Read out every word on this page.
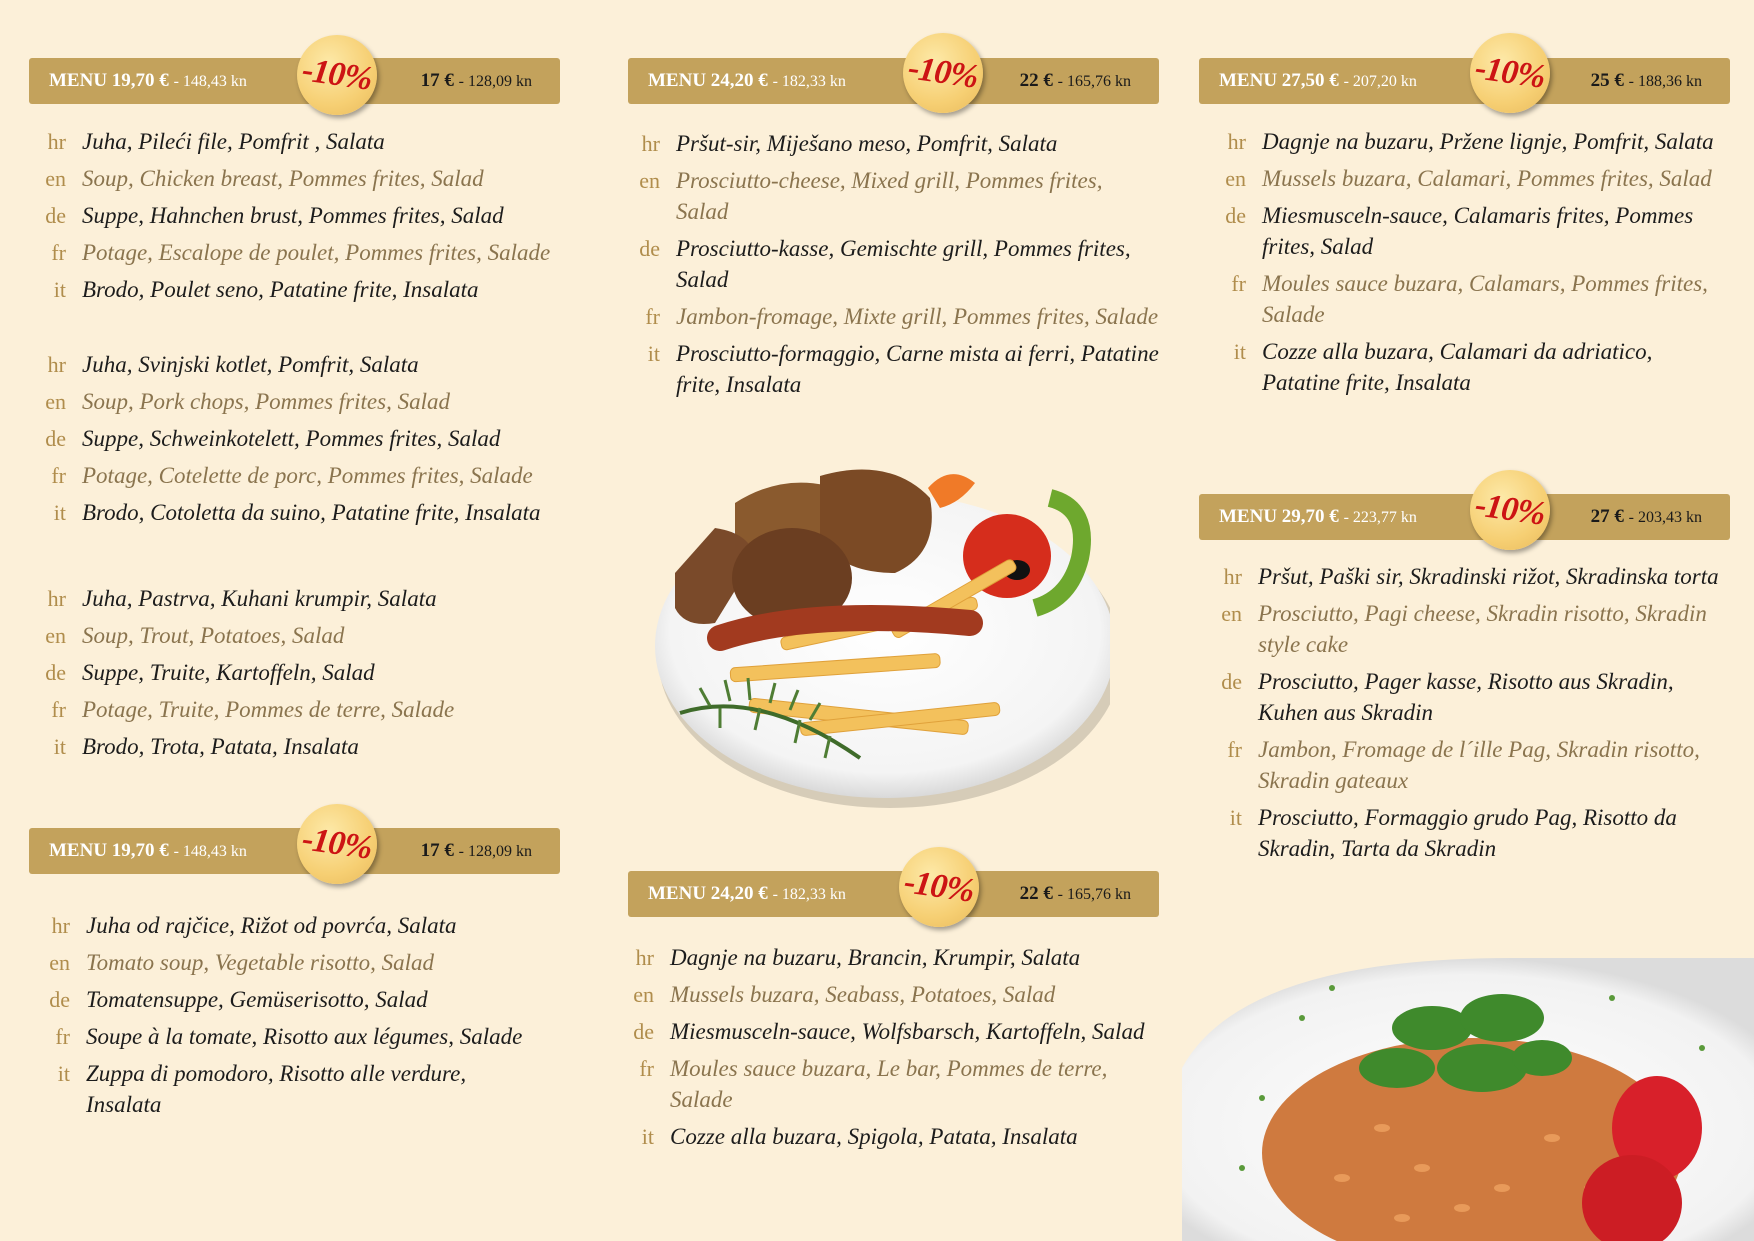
MENU 19,70 € - 148,43 kn	17 € - 128,09 kn
-10%
hr Juha, Pileći file, Pomfrit , Salata
en Soup, Chicken breast, Pommes frites, Salad
de Suppe, Hahnchen brust, Pommes frites, Salad
fr Potage, Escalope de poulet, Pommes frites, Salade
it Brodo, Poulet seno, Patatine frite, Insalata
hr Juha, Svinjski kotlet, Pomfrit, Salata
en Soup, Pork chops, Pommes frites, Salad
de Suppe, Schweinkotelett, Pommes frites, Salad
fr Potage, Cotelette de porc, Pommes frites, Salade
it Brodo, Cotoletta da suino, Patatine frite, Insalata
hr Juha, Pastrva, Kuhani krumpir, Salata
en Soup, Trout, Potatoes, Salad
de Suppe, Truite, Kartoffeln, Salad
fr Potage, Truite, Pommes de terre, Salade
it Brodo, Trota, Patata, Insalata
MENU 19,70 € - 148,43 kn	17 € - 128,09 kn
-10%
hr Juha od rajčice, Rižot od povrća, Salata
en Tomato soup, Vegetable risotto, Salad
de Tomatensuppe, Gemüserisotto, Salad
fr Soupe à la tomate, Risotto aux légumes, Salade
it Zuppa di pomodoro, Risotto alle verdure, Insalata
MENU 24,20 € - 182,33 kn	22 € - 165,76 kn
-10%
hr Pršut-sir, Miješano meso, Pomfrit, Salata
en Prosciutto-cheese, Mixed grill, Pommes frites, Salad
de Prosciutto-kasse, Gemischte grill, Pommes frites, Salad
fr Jambon-fromage, Mixte grill, Pommes frites, Salade
it Prosciutto-formaggio, Carne mista ai ferri, Patatine frite, Insalata
MENU 24,20 € - 182,33 kn	22 € - 165,76 kn
-10%
hr Dagnje na buzaru, Brancin, Krumpir, Salata
en Mussels buzara, Seabass, Potatoes, Salad
de Miesmusceln-sauce, Wolfsbarsch, Kartoffeln, Salad
fr Moules sauce buzara, Le bar, Pommes de terre, Salade
it Cozze alla buzara, Spigola, Patata, Insalata
MENU 27,50 € - 207,20 kn	25 € - 188,36 kn
-10%
hr Dagnje na buzaru, Pržene lignje, Pomfrit, Salata
en Mussels buzara, Calamari, Pommes frites, Salad
de Miesmusceln-sauce, Calamaris frites, Pommes frites, Salad
fr Moules sauce buzara, Calamars, Pommes frites, Salade
it Cozze alla buzara, Calamari da adriatico, Patatine frite, Insalata
MENU 29,70 € - 223,77 kn	27 € - 203,43 kn
-10%
hr Pršut, Paški sir, Skradinski rižot, Skradinska torta
en Prosciutto, Pagi cheese, Skradin risotto, Skradin style cake
de Prosciutto, Pager kasse, Risotto aus Skradin, Kuhen aus Skradin
fr Jambon, Fromage de l´ille Pag, Skradin risotto, Skradin gateaux
it Prosciutto, Formaggio grudo Pag, Risotto da Skradin, Tarta da Skradin
